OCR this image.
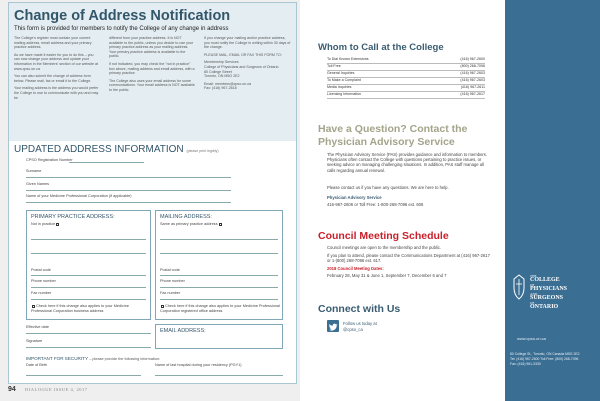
Change of Address Notification
This form is provided for members to notify the College of any change in address

The College's register must contain your current mailing address, email address and your primary practice address.

As we have made it easier for you to do this – you can now change your address and update your information in the Members' section of our website at www.cpso.on.ca

You can also submit the change of address form below. Please mail, fax or email it to the College.

Your mailing address is the address you would prefer the College to use to communicate with you and may be

different from your practice address. It is NOT available to the public, unless you decide to use your primary practice address as your mailing address. Your primary practice address is available to the public.

If not indicated, you may check the "not in practice" box above, mailing address and email address, with a primary practice.

The College also uses your email address for some communications. Your email address is NOT available to the public.

If you change your mailing and/or practice address, you must notify the College in writing within 30 days of the change.

PLEASE MAIL, EMAIL OR FAX THIS FORM TO:

Membership Services
College of Physicians and Surgeons of Ontario
80 College Street
Toronto, ON M5G 2E2

Email: members@cpso.on.ca
Fax: (416) 967-2618

UPDATED ADDRESS INFORMATION (please print legibly)
CPSO Registration Number
Surname
Given Names
Name of your Medicine Professional Corporation (if applicable)
PRIMARY PRACTICE ADDRESS:
Not in practice
Postal code
Phone number
Fax number
Check here if this change also applies to your Medicine Professional Corporation business address
MAILING ADDRESS:
Same as primary practice address
Postal code
Phone number
Fax number
Check here if this change also applies to your Medicine Professional Corporation registered office address
Effective date
Signature
EMAIL ADDRESS:
IMPORTANT FOR SECURITY – please provide the following information:
Date of Birth	Name of last hospital during your residency (PGY1)
94 DIALOGUE ISSUE 4, 2017
Whom to Call at the College
To Dial Known Extensions	(416) 967-2600
Toll Free	(800) 268-7096
General Inquiries	(416) 967-2603
To Make a Complaint	(416) 967-2603
Media Inquiries	(416) 967-2611
Licensing Information	(416) 967-2617
Have a Question? Contact the Physician Advisory Service
The Physician Advisory Service (PAS) provides guidance and information to members. Physicians often contact the College with questions pertaining to practice issues, or seeking advice on managing challenging situations. In addition, PAS staff manage all calls regarding annual renewal.
Please contact us if you have any questions. We are here to help.
Physician Advisory Service
416-967-2606 or Toll Free: 1-800-268-7096 ext. 606
Council Meeting Schedule
Council meetings are open to the membership and the public.
If you plan to attend, please contact the Communications Department at (416) 967-2617 or 1-(800) 268-7096 ext. 617.
2018 Council Meeting Dates:
February 28, May 31 & June 1, September 7, December 6 and 7
Connect with Us
Follow us today at
@cpso_ca
THE
COLLEGE
OF
PHYSICIANS
AND
SURGEONS
OF
ONTARIO
www.cpso.on.ca
80 College St., Toronto, ON Canada M5G 2E2
Tel: (416) 967-2600 Toll Free: (800) 268-7096
Fax: (416) 961-3330
